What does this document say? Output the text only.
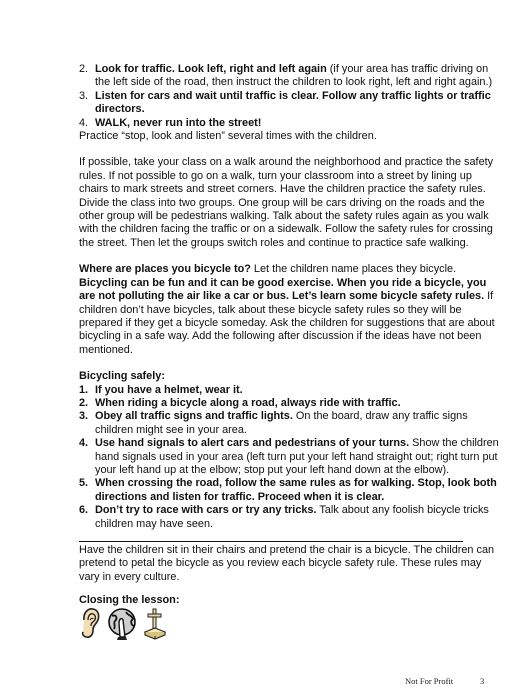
2. Look for traffic. Look left, right and left again (if your area has traffic driving on the left side of the road, then instruct the children to look right, left and right again.)
3. Listen for cars and wait until traffic is clear. Follow any traffic lights or traffic directors.
4. WALK, never run into the street!

Practice “stop, look and listen” several times with the children.

If possible, take your class on a walk around the neighborhood and practice the safety rules. If not possible to go on a walk, turn your classroom into a street by lining up chairs to mark streets and street corners. Have the children practice the safety rules. Divide the class into two groups. One group will be cars driving on the roads and the other group will be pedestrians walking. Talk about the safety rules again as you walk with the children facing the traffic or on a sidewalk. Follow the safety rules for crossing the street. Then let the groups switch roles and continue to practice safe walking.

Where are places you bicycle to? Let the children name places they bicycle. Bicycling can be fun and it can be good exercise. When you ride a bicycle, you are not polluting the air like a car or bus. Let’s learn some bicycle safety rules. If children don’t have bicycles, talk about these bicycle safety rules so they will be prepared if they get a bicycle someday. Ask the children for suggestions that are about bicycling in a safe way. Add the following after discussion if the ideas have not been mentioned.

Bicycling safely:

1. If you have a helmet, wear it.
2. When riding a bicycle along a road, always ride with traffic.
3. Obey all traffic signs and traffic lights. On the board, draw any traffic signs children might see in your area.
4. Use hand signals to alert cars and pedestrians of your turns. Show the children hand signals used in your area (left turn put your left hand straight out; right turn put your left hand up at the elbow; stop put your left hand down at the elbow).
5. When crossing the road, follow the same rules as for walking. Stop, look both directions and listen for traffic. Proceed when it is clear.
6. Don’t try to race with cars or try any tricks. Talk about any foolish bicycle tricks children may have seen.

Have the children sit in their chairs and pretend the chair is a bicycle. The children can pretend to petal the bicycle as you review each bicycle safety rule. These rules may vary in every culture.

Closing the lesson:

Not For Profit	3
